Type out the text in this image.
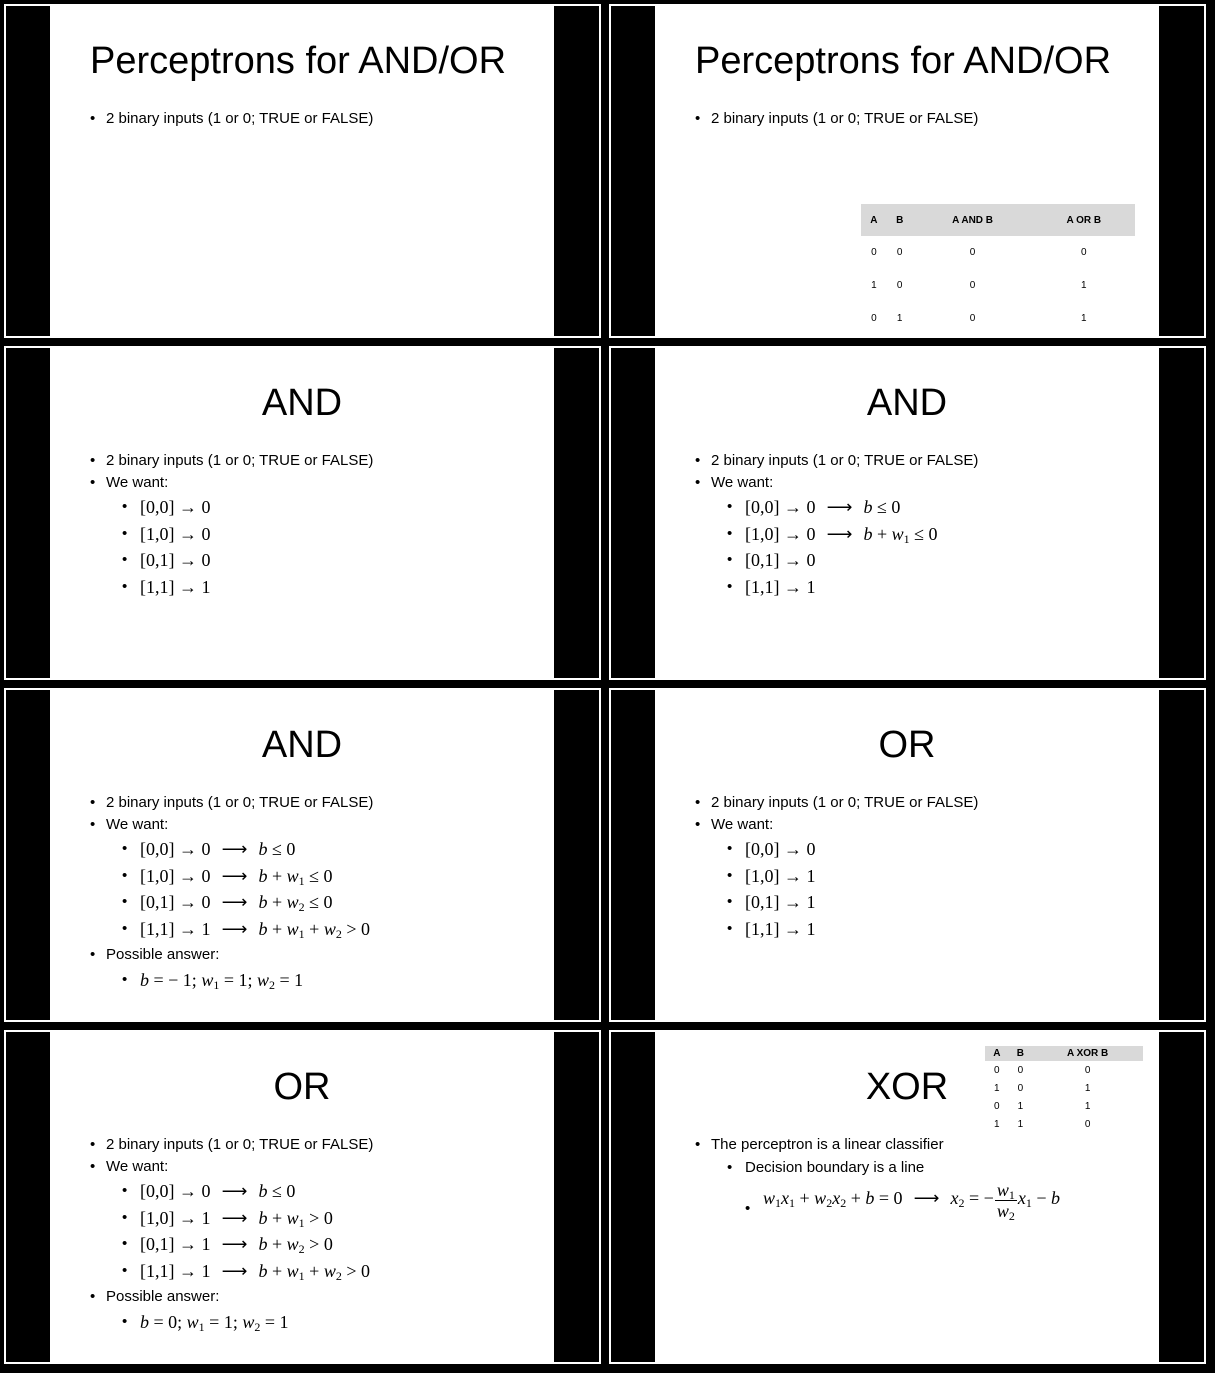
Perceptrons for AND/OR
• 2 binary inputs (1 or 0; TRUE or FALSE)
Perceptrons for AND/OR
• 2 binary inputs (1 or 0; TRUE or FALSE)
A	B	A AND B	A OR B
0	0	0	0
1	0	0	1
0	1	0	1
AND
• 2 binary inputs (1 or 0; TRUE or FALSE)
• We want:
• [0,0] → 0
• [1,0] → 0
• [0,1] → 0
• [1,1] → 1
AND
• 2 binary inputs (1 or 0; TRUE or FALSE)
• We want:
• [0,0] → 0 ⟶ b ≤ 0
• [1,0] → 0 ⟶ $b + w_1 \le 0$
• [0,1] → 0
• [1,1] → 1
AND
• 2 binary inputs (1 or 0; TRUE or FALSE)
• We want:
• [0,0] → 0 ⟶ b ≤ 0
• [1,0] → 0 ⟶ $b + w_1 \le 0$
• [0,1] → 0 ⟶ $b + w_2 \le 0$
• [1,1] → 1 ⟶ $b + w_1 + w_2 > 0$
• Possible answer:
• b = − 1; $w_1 = 1$; $w_2 = 1$
OR
• 2 binary inputs (1 or 0; TRUE or FALSE)
• We want:
• [0,0] → 0
• [1,0] → 1
• [0,1] → 1
• [1,1] → 1
OR
• 2 binary inputs (1 or 0; TRUE or FALSE)
• We want:
• [0,0] → 0 ⟶ b ≤ 0
• [1,0] → 1 ⟶ $b + w_1 > 0$
• [0,1] → 1 ⟶ $b + w_2 > 0$
• [1,1] → 1 ⟶ $b + w_1 + w_2 > 0$
• Possible answer:
• b = 0; $w_1 = 1$; $w_2 = 1$
XOR
A	B	A XOR B
0	0	0
1	0	1
0	1	1
1	1	0
• The perceptron is a linear classifier
• Decision boundary is a line
• $w_1x_1 + w_2x_2 + b = 0$ ⟶ $x_2$ = − $\frac{w_1}{w_2} x_1 - b$
